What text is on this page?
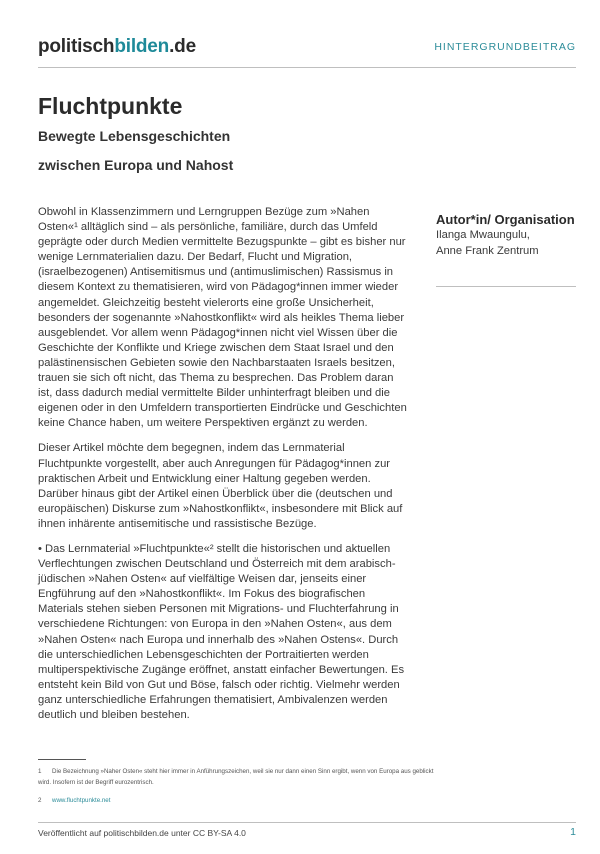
politischbilden.de	HINTERGRUNDBEITRAG
Fluchtpunkte
Bewegte Lebensgeschichten
zwischen Europa und Nahost

Obwohl in Klassenzimmern und Lerngruppen Bezüge zum »Nahen Osten«¹ alltäglich sind – als persönliche, familiäre, durch das Umfeld geprägte oder durch Medien vermittelte Bezugspunkte – gibt es bisher nur wenige Lernmaterialien dazu. Der Bedarf, Flucht und Migration, (israelbezogenen) Antisemitismus und (antimuslimischen) Rassismus in diesem Kontext zu thematisieren, wird von Pädagog*innen immer wieder angemeldet. Gleichzeitig besteht vielerorts eine große Unsicherheit, besonders der sogenannte »Nahostkonflikt« wird als heikles Thema lieber ausgeblendet. Vor allem wenn Pädagog*innen nicht viel Wissen über die Geschichte der Konflikte und Kriege zwischen dem Staat Israel und den palästinensischen Gebieten sowie den Nachbarstaaten Israels besitzen, trauen sie sich oft nicht, das Thema zu besprechen. Das Problem daran ist, dass dadurch medial vermittelte Bilder unhinterfragt bleiben und die eigenen oder in den Umfeldern transportierten Eindrücke und Geschichten keine Chance haben, um weitere Perspektiven ergänzt zu werden.

Dieser Artikel möchte dem begegnen, indem das Lernmaterial Fluchtpunkte vorgestellt, aber auch Anregungen für Pädagog*innen zur praktischen Arbeit und Entwicklung einer Haltung gegeben werden. Darüber hinaus gibt der Artikel einen Überblick über die (deutschen und europäischen) Diskurse zum »Nahostkonflikt«, insbesondere mit Blick auf ihnen inhärente antisemitische und rassistische Bezüge.

• Das Lernmaterial »Fluchtpunkte«² stellt die historischen und aktuellen Verflechtungen zwischen Deutschland und Österreich mit dem arabisch-jüdischen »Nahen Osten« auf vielfältige Weisen dar, jenseits einer Engführung auf den »Nahostkonflikt«. Im Fokus des biografischen Materials stehen sieben Personen mit Migrations- und Fluchterfahrung in verschiedene Richtungen: von Europa in den »Nahen Osten«, aus dem »Nahen Osten« nach Europa und innerhalb des »Nahen Ostens«. Durch die unterschiedlichen Lebensgeschichten der Portraitierten werden multiperspektivische Zugänge eröffnet, anstatt einfacher Bewertungen. Es entsteht kein Bild von Gut und Böse, falsch oder richtig. Vielmehr werden ganz unterschiedliche Erfahrungen thematisiert, Ambivalenzen werden deutlich und bleiben bestehen.

Autor*in/ Organisation
Ilanga Mwaungulu,
Anne Frank Zentrum
1 Die Bezeichnung »Naher Osten« steht hier immer in Anführungszeichen, weil sie nur dann einen Sinn ergibt, wenn von Europa aus geblickt wird. Insofern ist der Begriff eurozentrisch.
2 www.fluchtpunkte.net
Veröffentlicht auf politischbilden.de unter CC BY-SA 4.0	1
